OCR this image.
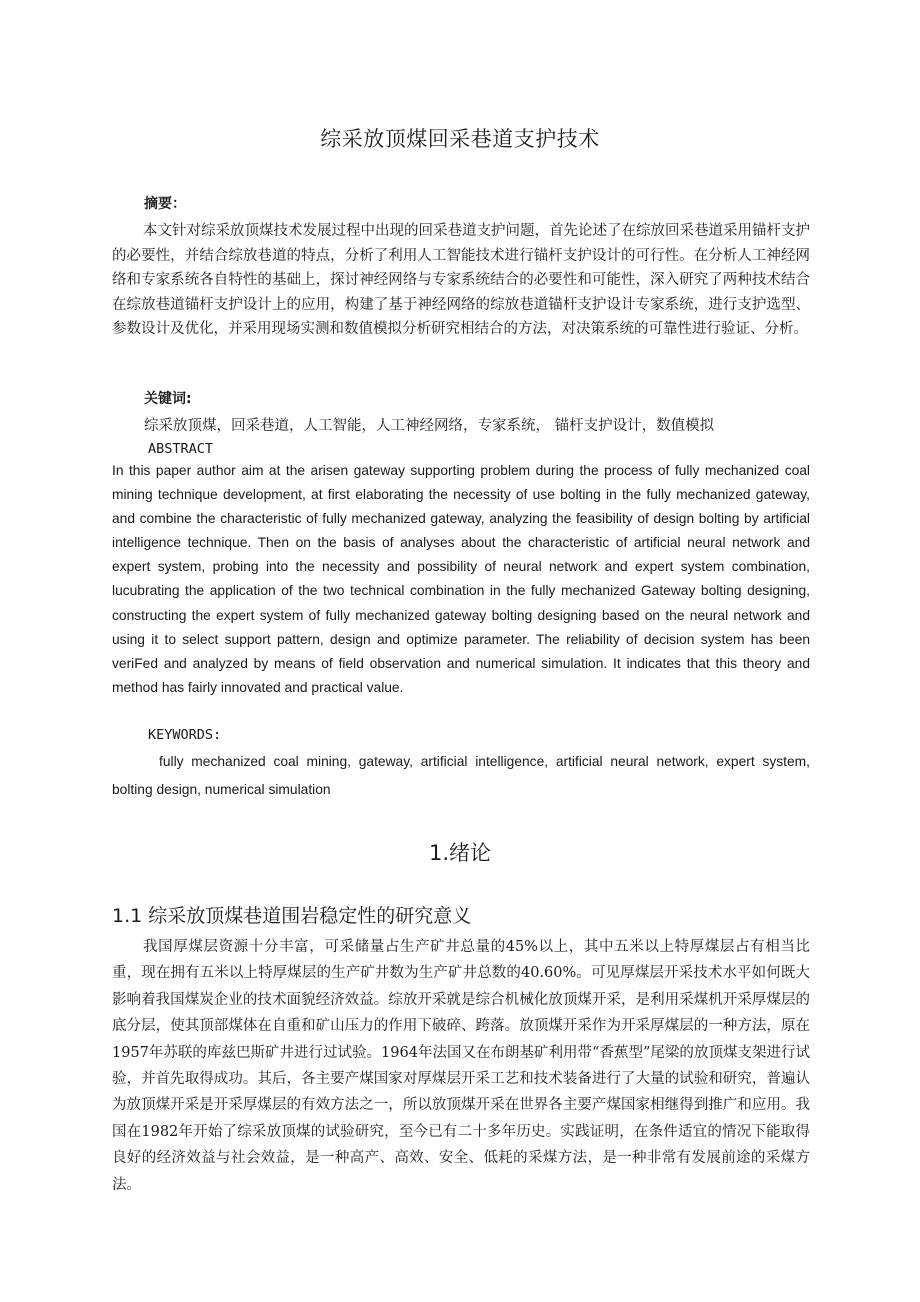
综采放顶煤回采巷道支护技术
摘要：

本文针对综采放顶煤技术发展过程中出现的回采巷道支护问题，首先论述了在综放回采巷道采用锚杆支护的必要性，并结合综放巷道的特点，分析了利用人工智能技术进行锚杆支护设计的可行性。在分析人工神经网络和专家系统各自特性的基础上，探讨神经网络与专家系统结合的必要性和可能性，深入研究了两种技术结合在综放巷道锚杆支护设计上的应用，构建了基于神经网络的综放巷道锚杆支护设计专家系统，进行支护选型、参数设计及优化，并采用现场实测和数值模拟分析研究相结合的方法，对决策系统的可靠性进行验证、分析。

关键词:
综采放顶煤，回采巷道，人工智能，人工神经网络，专家系统， 锚杆支护设计，数值模拟
ABSTRACT

In this paper author aim at the arisen gateway supporting problem during the process of fully mechanized coal mining technique development, at first elaborating the necessity of use bolting in the fully mechanized gateway, and combine the characteristic of fully mechanized gateway, analyzing the feasibility of design bolting by artificial intelligence technique. Then on the basis of analyses about the characteristic of artificial neural network and expert system, probing into the necessity and possibility of neural network and expert system combination, lucubrating the application of the two technical combination in the fully mechanized Gateway bolting designing, constructing the expert system of fully mechanized gateway bolting designing based on the neural network and using it to select support pattern, design and optimize parameter. The reliability of decision system has been veriFed and analyzed by means of field observation and numerical simulation. It indicates that this theory and method has fairly innovated and practical value.

KEYWORDS:

fully mechanized coal mining, gateway, artificial intelligence, artificial neural network, expert system, bolting design, numerical simulation

1.绪论
1.1 综采放顶煤巷道围岩稳定性的研究意义

我国厚煤层资源十分丰富，可采储量占生产矿井总量的45%以上，其中五米以上特厚煤层占有相当比重，现在拥有五米以上特厚煤层的生产矿井数为生产矿井总数的40.60%。可见厚煤层开采技术水平如何既大影响着我国煤炭企业的技术面貌经济效益。综放开采就是综合机械化放顶煤开采，是利用采煤机开采厚煤层的底分层，使其顶部煤体在自重和矿山压力的作用下破碎、跨落。放顶煤开采作为开采厚煤层的一种方法，原在1957年苏联的库兹巴斯矿井进行过试验。1964年法国又在布朗基矿利用带“香蕉型”尾梁的放顶煤支架进行试验，并首先取得成功。其后，各主要产煤国家对厚煤层开采工艺和技术装备进行了大量的试验和研究，普遍认为放顶煤开采是开采厚煤层的有效方法之一，所以放顶煤开采在世界各主要产煤国家相继得到推广和应用。我国在1982年开始了综采放顶煤的试验研究，至今已有二十多年历史。实践证明，在条件适宜的情况下能取得良好的经济效益与社会效益，是一种高产、高效、安全、低耗的采煤方法，是一种非常有发展前途的采煤方法。
